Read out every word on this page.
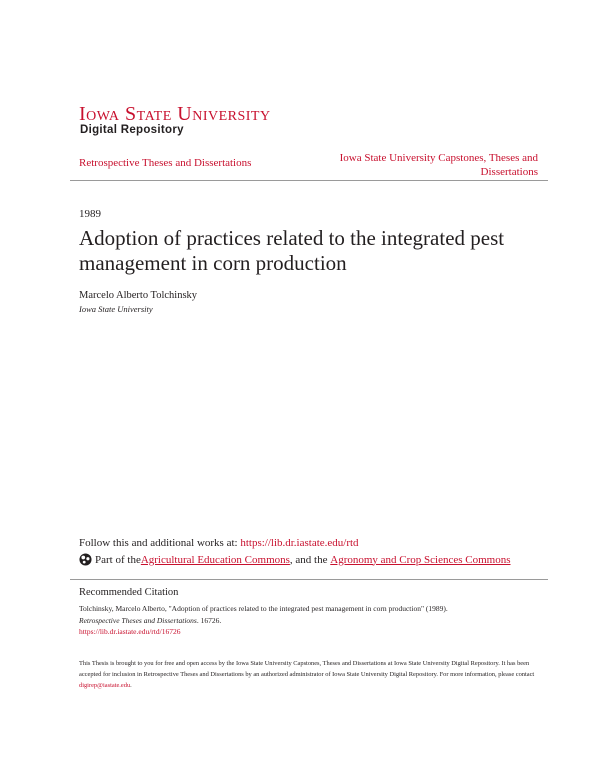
Iowa State University
Digital Repository
Retrospective Theses and Dissertations	Iowa State University Capstones, Theses and Dissertations
1989
Adoption of practices related to the integrated pest management in corn production
Marcelo Alberto Tolchinsky
Iowa State University
Follow this and additional works at: https://lib.dr.iastate.edu/rtd
Part of the Agricultural Education Commons , and the Agronomy and Crop Sciences Commons
Recommended Citation
Tolchinsky, Marcelo Alberto, "Adoption of practices related to the integrated pest management in corn production" (1989).
Retrospective Theses and Dissertations. 16726.
https://lib.dr.iastate.edu/rtd/16726
This Thesis is brought to you for free and open access by the Iowa State University Capstones, Theses and Dissertations at Iowa State University Digital Repository. It has been accepted for inclusion in Retrospective Theses and Dissertations by an authorized administrator of Iowa State University Digital Repository. For more information, please contact digirep@iastate.edu.
